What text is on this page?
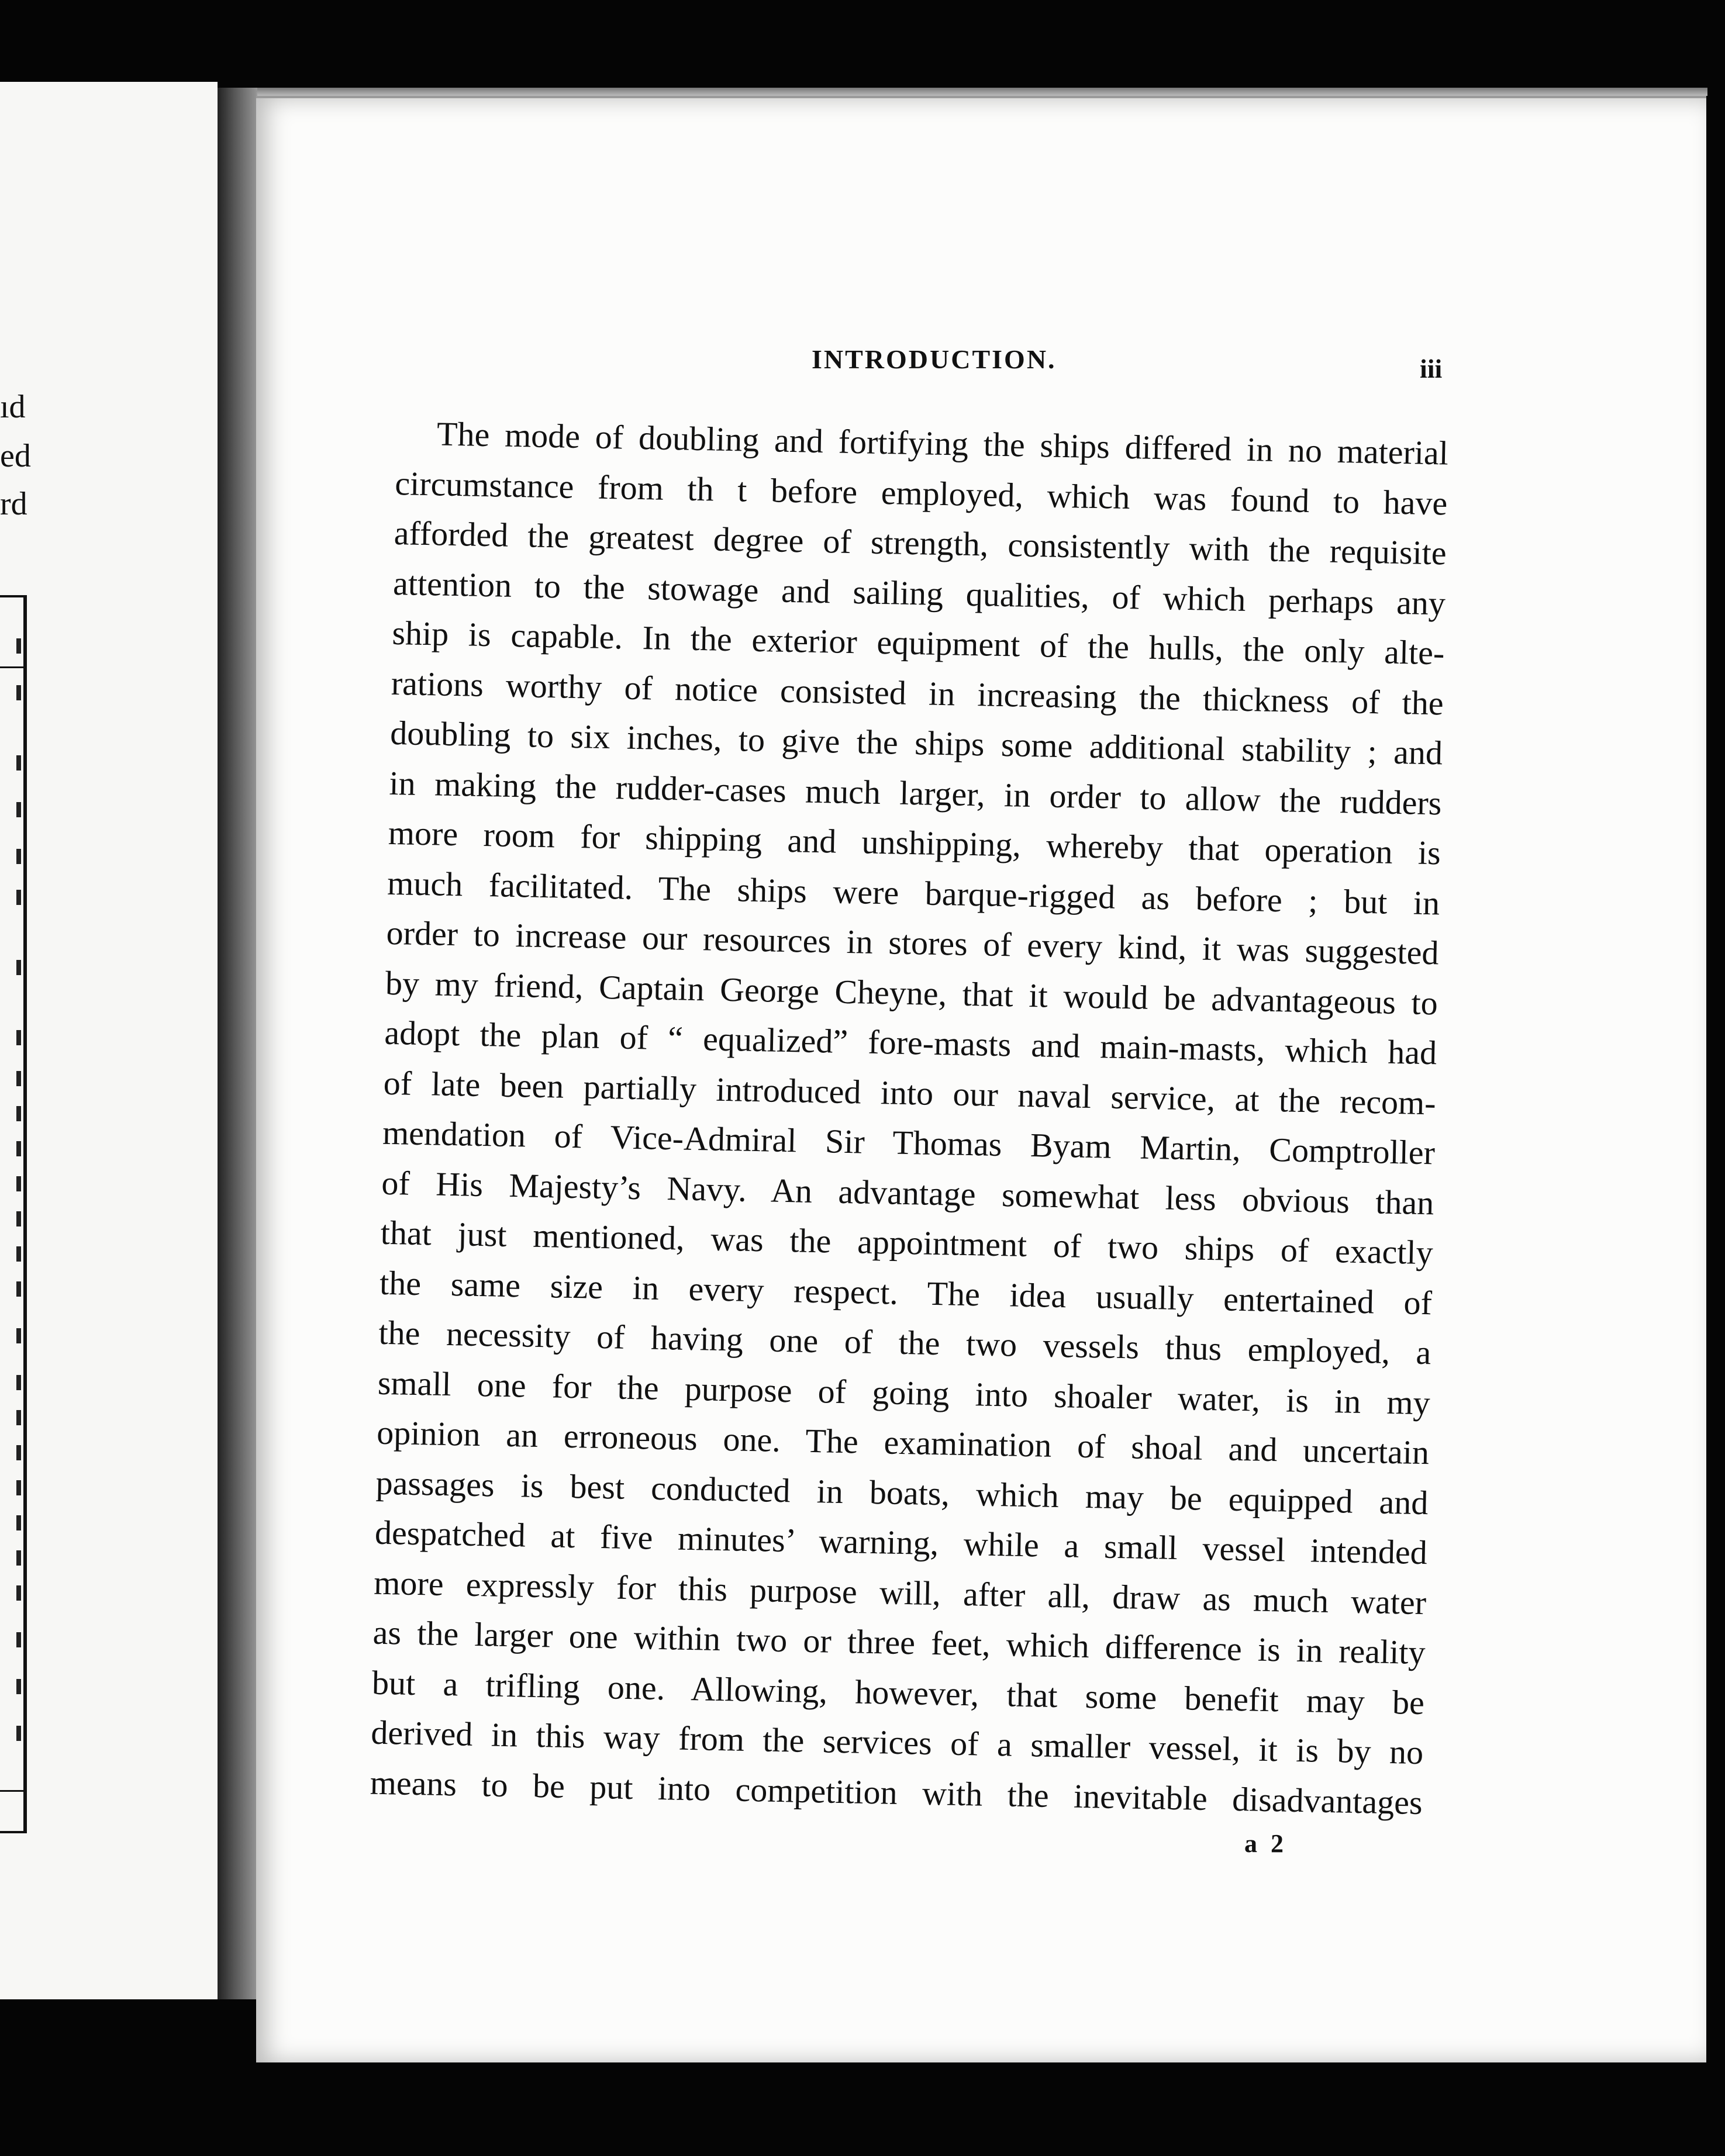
ıd
ed
rd
INTRODUCTION.	iii
The mode of doubling and fortifying the ships differed in no material
circumstance from th t before employed, which was found to have
afforded the greatest degree of strength, consistently with the requisite
attention to the stowage and sailing qualities, of which perhaps any
ship is capable. In the exterior equipment of the hulls, the only alte-
rations worthy of notice consisted in increasing the thickness of the
doubling to six inches, to give the ships some additional stability ; and
in making the rudder-cases much larger, in order to allow the rudders
more room for shipping and unshipping, whereby that operation is
much facilitated. The ships were barque-rigged as before ; but in
order to increase our resources in stores of every kind, it was suggested
by my friend, Captain George Cheyne, that it would be advantageous to
adopt the plan of “ equalized” fore-masts and main-masts, which had
of late been partially introduced into our naval service, at the recom-
mendation of Vice-Admiral Sir Thomas Byam Martin, Comptroller
of His Majesty’s Navy. An advantage somewhat less obvious than
that just mentioned, was the appointment of two ships of exactly
the same size in every respect. The idea usually entertained of
the necessity of having one of the two vessels thus employed, a
small one for the purpose of going into shoaler water, is in my
opinion an erroneous one. The examination of shoal and uncertain
passages is best conducted in boats, which may be equipped and
despatched at five minutes’ warning, while a small vessel intended
more expressly for this purpose will, after all, draw as much water
as the larger one within two or three feet, which difference is in reality
but a trifling one. Allowing, however, that some benefit may be
derived in this way from the services of a smaller vessel, it is by no
means to be put into competition with the inevitable disadvantages
a 2
